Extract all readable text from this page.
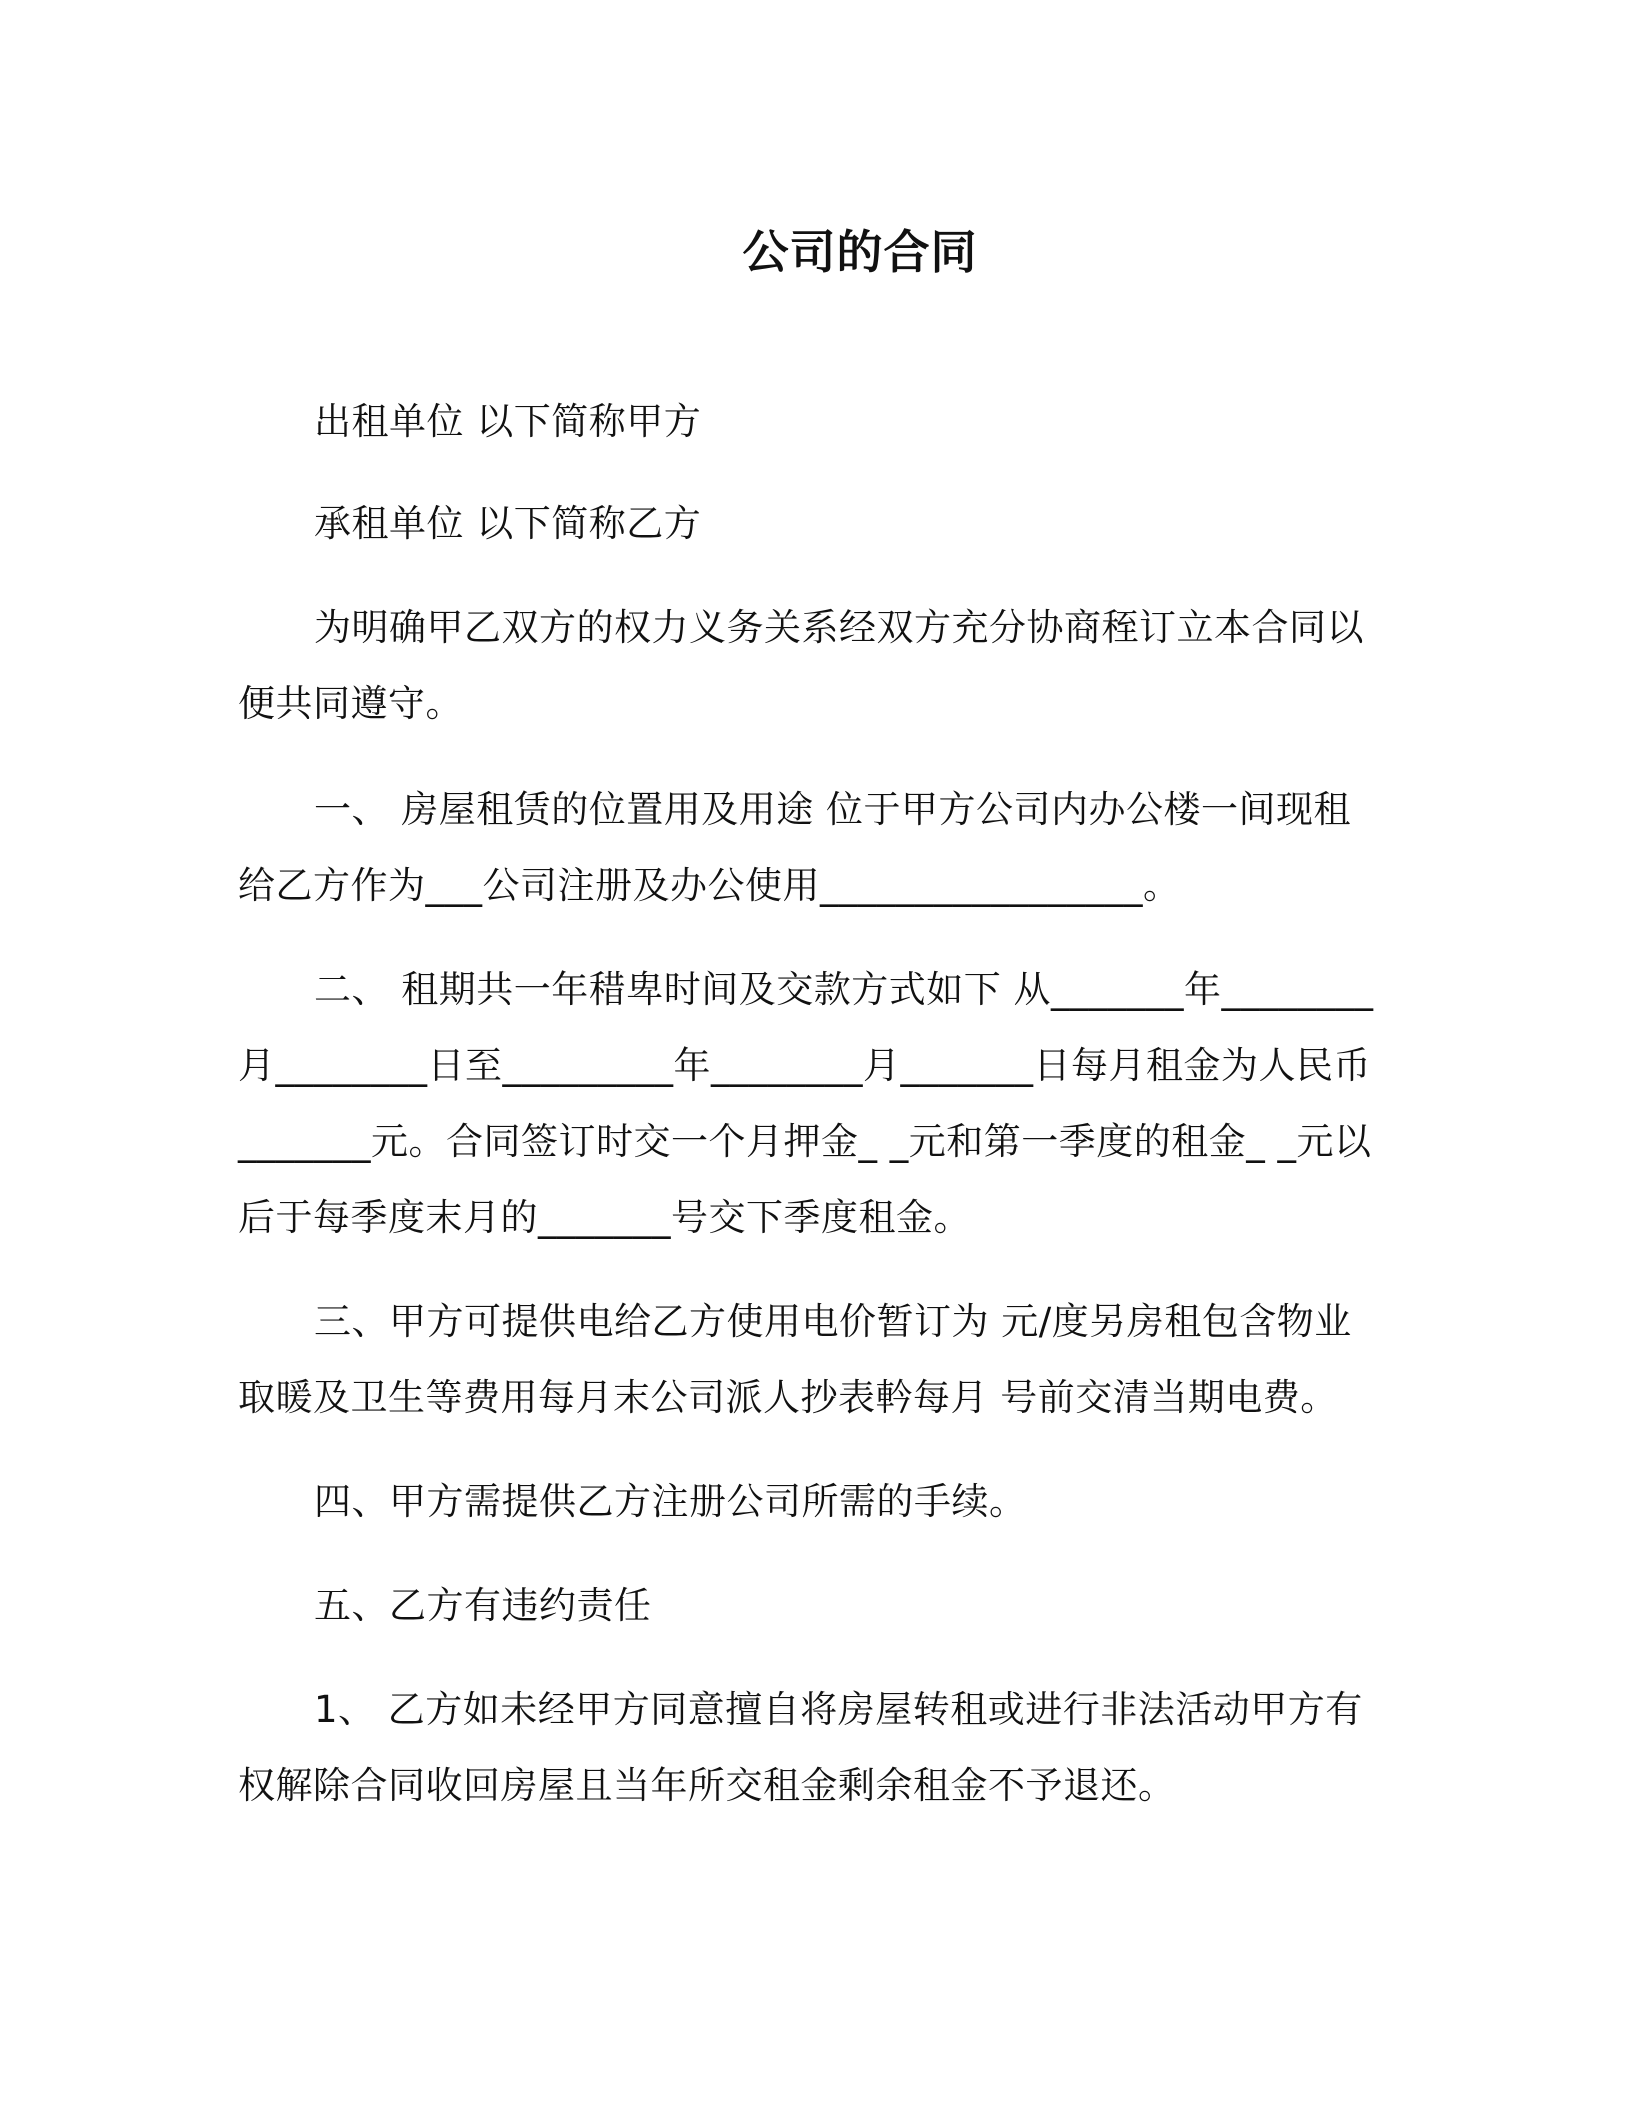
公司的合同
出租单位 以下简称甲方
承租单位 以下简称乙方
为明确甲乙双方的权力义务关系经双方充分协商秷订立本合同以便共同遵守。
一、 房屋租赁的位置用及用途 位于甲方公司内办公楼一间现租给乙方作为___公司注册及办公使用_________________。
二、 租期共一年稓卑时间及交款方式如下 从_______年________月________日至_________年________月_______日每月租金为人民币_______元。合同签订时交一个月押金_ _元和第一季度的租金_ _元以后于每季度末月的_______号交下季度租金。
三、甲方可提供电给乙方使用电价暂订为 元/度另房租包含物业取暖及卫生等费用每月末公司派人抄表軡每月 号前交清当期电费。
四、甲方需提供乙方注册公司所需的手续。
五、乙方有违约责任
1、 乙方如未经甲方同意擅自将房屋转租或进行非法活动甲方有权解除合同收回房屋且当年所交租金剩余租金不予退还。
